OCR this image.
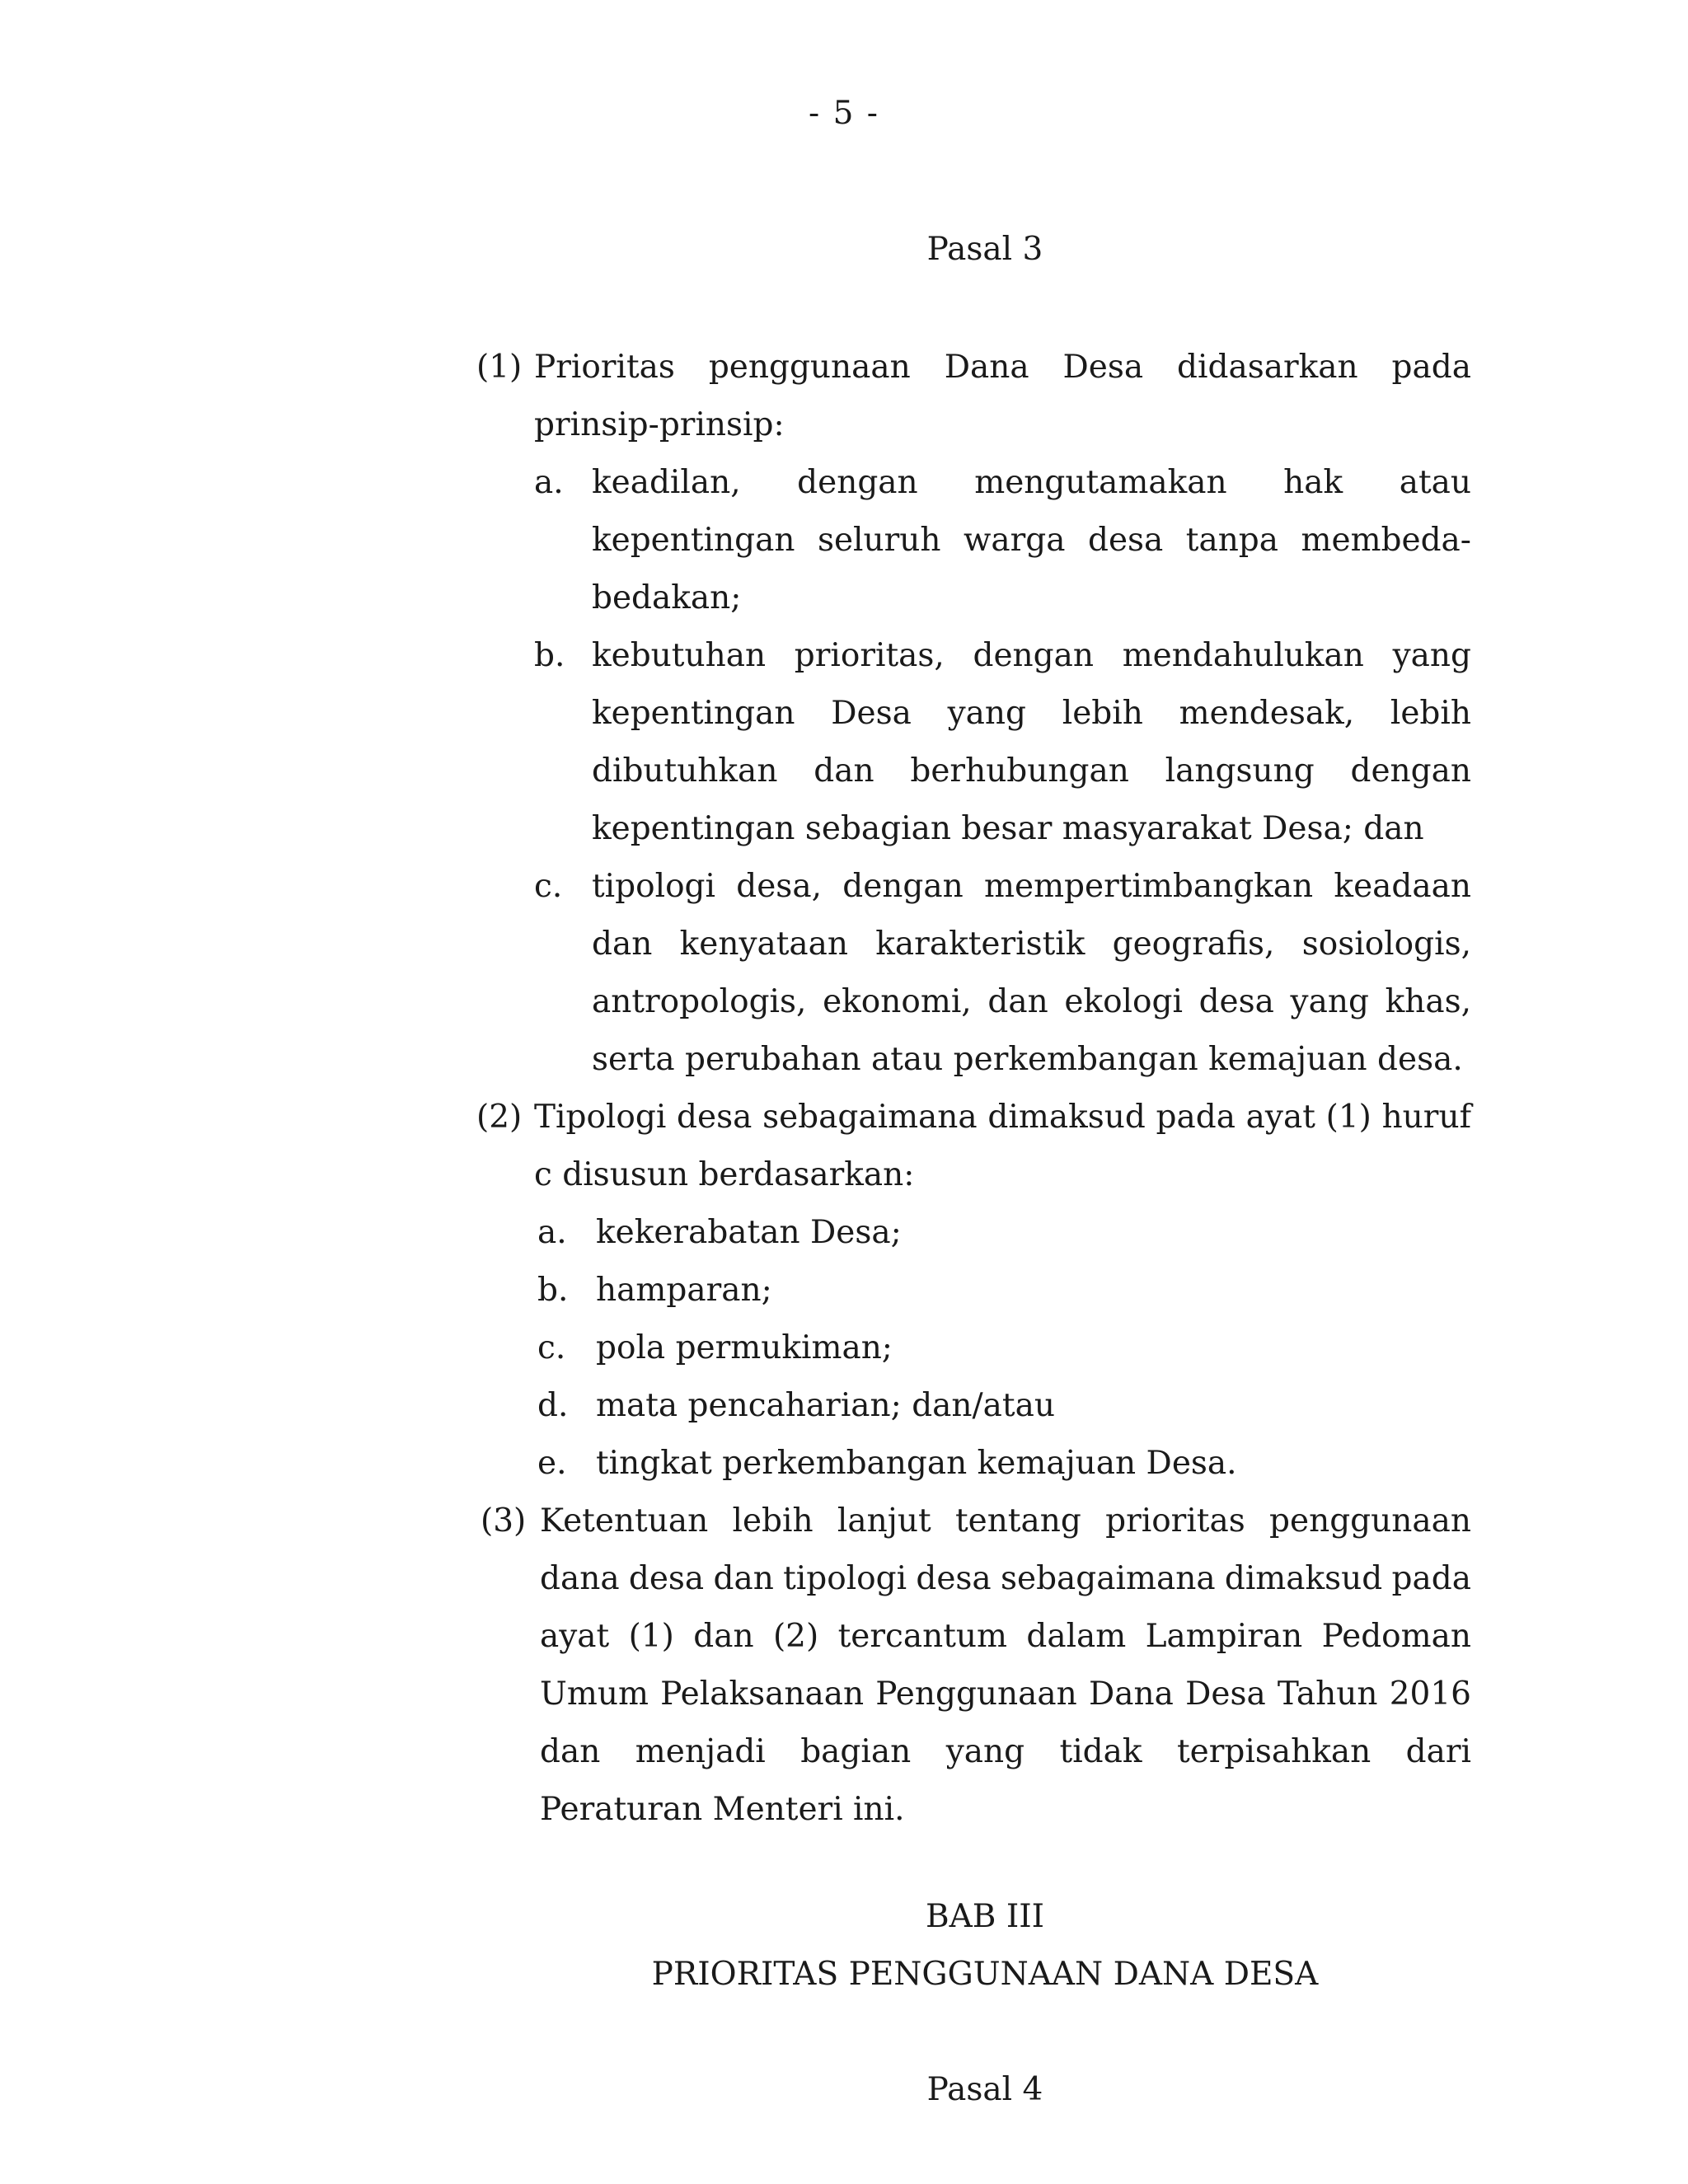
- 5 -
Pasal 3
(1) Prioritas penggunaan Dana Desa didasarkan pada
prinsip-prinsip:
a. keadilan, dengan mengutamakan hak atau
kepentingan seluruh warga desa tanpa membeda-
bedakan;
b. kebutuhan prioritas, dengan mendahulukan yang
kepentingan Desa yang lebih mendesak, lebih
dibutuhkan dan berhubungan langsung dengan
kepentingan sebagian besar masyarakat Desa; dan
c. tipologi desa, dengan mempertimbangkan keadaan
dan kenyataan karakteristik geografis, sosiologis,
antropologis, ekonomi, dan ekologi desa yang khas,
serta perubahan atau perkembangan kemajuan desa.
(2) Tipologi desa sebagaimana dimaksud pada ayat (1) huruf
c disusun berdasarkan:
a. kekerabatan Desa;
b. hamparan;
c. pola permukiman;
d. mata pencaharian; dan/atau
e. tingkat perkembangan kemajuan Desa.
(3) Ketentuan lebih lanjut tentang prioritas penggunaan
dana desa dan tipologi desa sebagaimana dimaksud pada
ayat (1) dan (2) tercantum dalam Lampiran Pedoman
Umum Pelaksanaan Penggunaan Dana Desa Tahun 2016
dan menjadi bagian yang tidak terpisahkan dari
Peraturan Menteri ini.
BAB III
PRIORITAS PENGGUNAAN DANA DESA
Pasal 4
